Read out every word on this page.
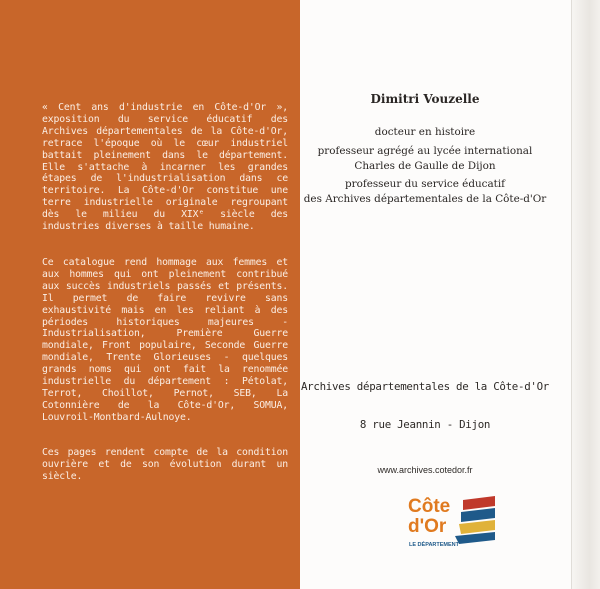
« Cent ans d'industrie en Côte-d'Or », exposition du service éducatif des Archives départementales de la Côte-d'Or, retrace l'époque où le cœur industriel battait pleinement dans le département. Elle s'attache à incarner les grandes étapes de l'industrialisation dans ce territoire. La Côte-d'Or constitue une terre industrielle originale regroupant dès le milieu du XIXᵉ siècle des industries diverses à taille humaine.
Ce catalogue rend hommage aux femmes et aux hommes qui ont pleinement contribué aux succès industriels passés et présents. Il permet de faire revivre sans exhaustivité mais en les reliant à des périodes historiques majeures - Industrialisation, Première Guerre mondiale, Front populaire, Seconde Guerre mondiale, Trente Glorieuses - quelques grands noms qui ont fait la renommée industrielle du département : Pétolat, Terrot, Choillot, Pernot, SEB, La Cotonnière de la Côte-d'Or, SOMUA, Louvroil-Montbard-Aulnoye.
Ces pages rendent compte de la condition ouvrière et de son évolution durant un siècle.
Dimitri Vouzelle
docteur en histoire
professeur agrégé au lycée international
Charles de Gaulle de Dijon
professeur du service éducatif
des Archives départementales de la Côte-d'Or
Archives départementales de la Côte-d'Or
8 rue Jeannin - Dijon
www.archives.cotedor.fr
Côte
d'Or
LE DÉPARTEMENT
